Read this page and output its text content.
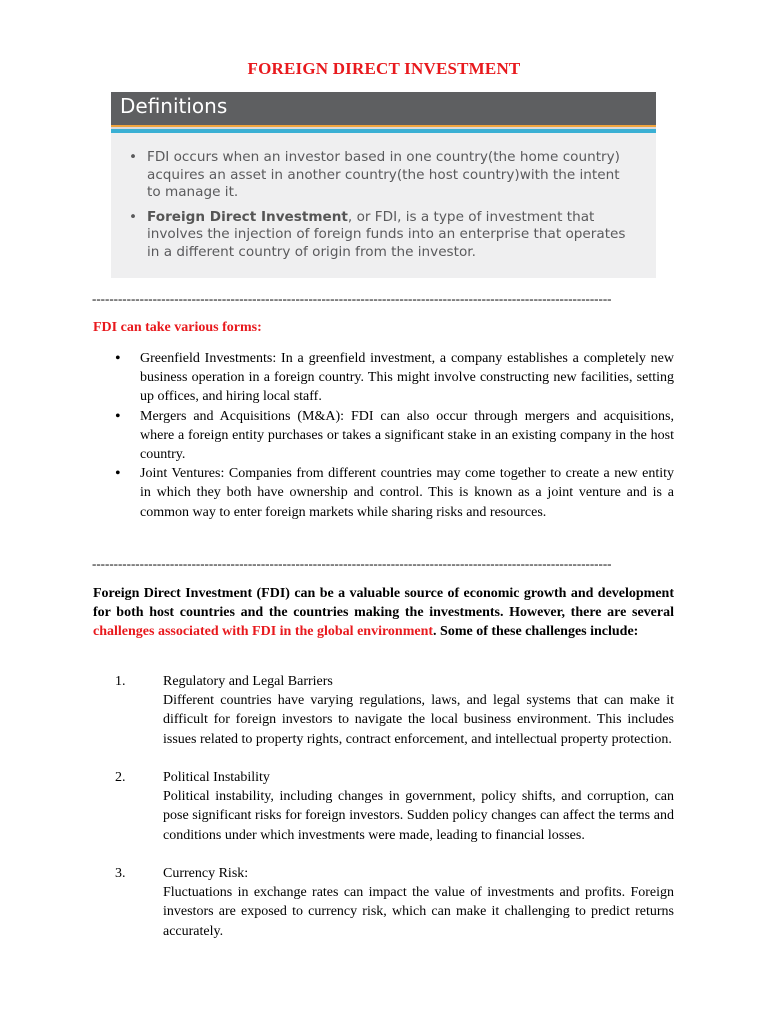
FOREIGN DIRECT INVESTMENT
Definitions
• FDI occurs when an investor based in one country(the home country) acquires an asset in another country(the host country)with the intent to manage it.
• Foreign Direct Investment, or FDI, is a type of investment that involves the injection of foreign funds into an enterprise that operates in a different country of origin from the investor.
------------------------------------------------------------------------------------------------------------------------
FDI can take various forms:
• Greenfield Investments: In a greenfield investment, a company establishes a completely new business operation in a foreign country. This might involve constructing new facilities, setting up offices, and hiring local staff.
• Mergers and Acquisitions (M&A): FDI can also occur through mergers and acquisitions, where a foreign entity purchases or takes a significant stake in an existing company in the host country.
• Joint Ventures: Companies from different countries may come together to create a new entity in which they both have ownership and control. This is known as a joint venture and is a common way to enter foreign markets while sharing risks and resources.
------------------------------------------------------------------------------------------------------------------------
Foreign Direct Investment (FDI) can be a valuable source of economic growth and development for both host countries and the countries making the investments. However, there are several challenges associated with FDI in the global environment. Some of these challenges include:
1.	Regulatory and Legal Barriers
Different countries have varying regulations, laws, and legal systems that can make it difficult for foreign investors to navigate the local business environment. This includes issues related to property rights, contract enforcement, and intellectual property protection.
2.	Political Instability
Political instability, including changes in government, policy shifts, and corruption, can pose significant risks for foreign investors. Sudden policy changes can affect the terms and conditions under which investments were made, leading to financial losses.
3.	Currency Risk:
Fluctuations in exchange rates can impact the value of investments and profits. Foreign investors are exposed to currency risk, which can make it challenging to predict returns accurately.
